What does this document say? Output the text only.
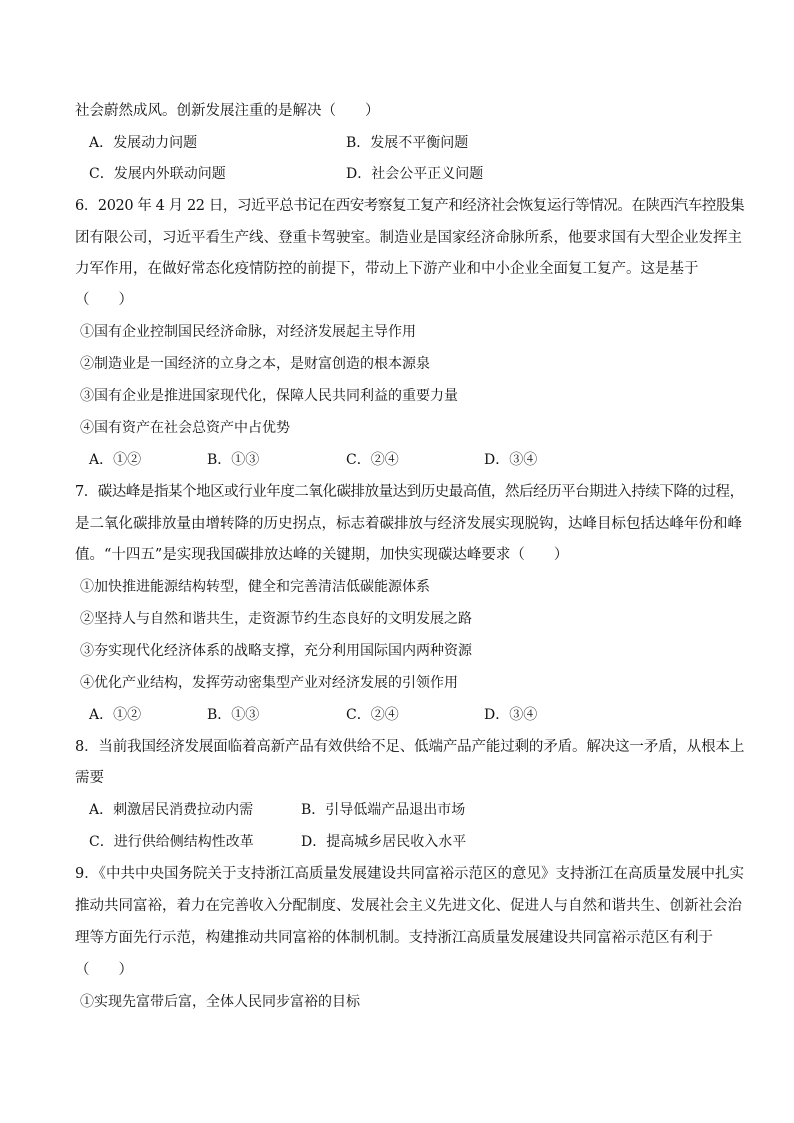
社会蔚然成风。创新发展注重的是解决（　　）
A．发展动力问题	B．发展不平衡问题
C．发展内外联动问题	D．社会公平正义问题
6．2020 年 4 月 22 日，习近平总书记在西安考察复工复产和经济社会恢复运行等情况。在陕西汽车控股集
团有限公司，习近平看生产线、登重卡驾驶室。制造业是国家经济命脉所系，他要求国有大型企业发挥主
力军作用，在做好常态化疫情防控的前提下，带动上下游产业和中小企业全面复工复产。这是基于
（　　）
①国有企业控制国民经济命脉，对经济发展起主导作用
②制造业是一国经济的立身之本，是财富创造的根本源泉
③国有企业是推进国家现代化，保障人民共同利益的重要力量
④国有资产在社会总资产中占优势
A．①②	B．①③	C．②④	D．③④
7．碳达峰是指某个地区或行业年度二氧化碳排放量达到历史最高值，然后经历平台期进入持续下降的过程，
是二氧化碳排放量由增转降的历史拐点，标志着碳排放与经济发展实现脱钩，达峰目标包括达峰年份和峰
值。“十四五”是实现我国碳排放达峰的关键期，加快实现碳达峰要求（　　）
①加快推进能源结构转型，健全和完善清洁低碳能源体系
②坚持人与自然和谐共生，走资源节约生态良好的文明发展之路
③夯实现代化经济体系的战略支撑，充分利用国际国内两种资源
④优化产业结构，发挥劳动密集型产业对经济发展的引领作用
A．①②	B．①③	C．②④	D．③④
8．当前我国经济发展面临着高新产品有效供给不足、低端产品产能过剩的矛盾。解决这一矛盾，从根本上
需要
A．刺激居民消费拉动内需	B．引导低端产品退出市场
C．进行供给侧结构性改革	D．提高城乡居民收入水平
9．《中共中央国务院关于支持浙江高质量发展建设共同富裕示范区的意见》支持浙江在高质量发展中扎实
推动共同富裕，着力在完善收入分配制度、发展社会主义先进文化、促进人与自然和谐共生、创新社会治
理等方面先行示范，构建推动共同富裕的体制机制。支持浙江高质量发展建设共同富裕示范区有利于
（　　）
①实现先富带后富，全体人民同步富裕的目标
